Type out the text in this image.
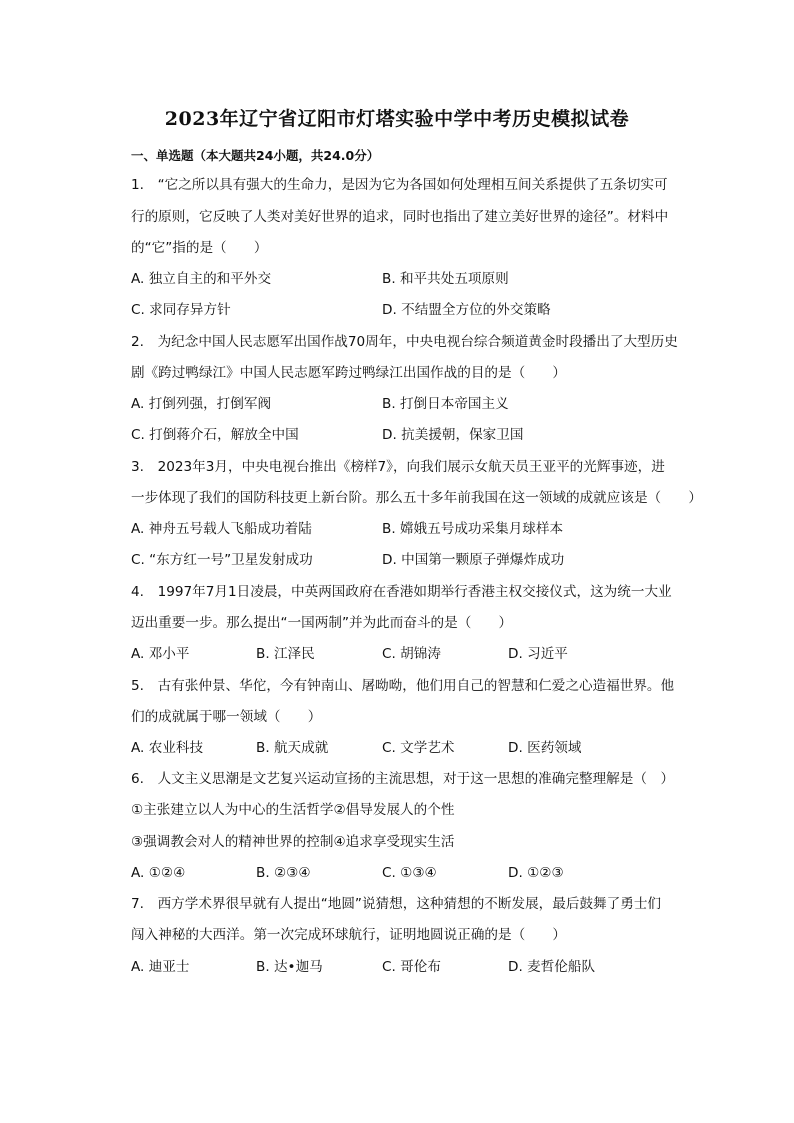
2023年辽宁省辽阳市灯塔实验中学中考历史模拟试卷
一、单选题（本大题共24小题，共24.0分）
1.　“它之所以具有强大的生命力，是因为它为各国如何处理相互间关系提供了五条切实可
行的原则，它反映了人类对美好世界的追求，同时也指出了建立美好世界的途径”。材料中
的“它”指的是（　　）
A. 独立自主的和平外交	B. 和平共处五项原则
C. 求同存异方针	D. 不结盟全方位的外交策略
2.　为纪念中国人民志愿军出国作战70周年，中央电视台综合频道黄金时段播出了大型历史
剧《跨过鸭绿江》中国人民志愿军跨过鸭绿江出国作战的目的是（　　）
A. 打倒列强，打倒军阀	B. 打倒日本帝国主义
C. 打倒蒋介石，解放全中国	D. 抗美援朝，保家卫国
3.　2023年3月，中央电视台推出《榜样7》，向我们展示女航天员王亚平的光辉事迹，进
一步体现了我们的国防科技更上新台阶。那么五十多年前我国在这一领域的成就应该是（　　）
A. 神舟五号载人飞船成功着陆	B. 嫦娥五号成功采集月球样本
C. “东方红一号”卫星发射成功	D. 中国第一颗原子弹爆炸成功
4.　1997年7月1日凌晨，中英两国政府在香港如期举行香港主权交接仪式，这为统一大业
迈出重要一步。那么提出“一国两制”并为此而奋斗的是（　　）
A. 邓小平	B. 江泽民	C. 胡锦涛	D. 习近平
5.　古有张仲景、华佗，今有钟南山、屠呦呦，他们用自己的智慧和仁爱之心造福世界。他
们的成就属于哪一领域（　　）
A. 农业科技	B. 航天成就	C. 文学艺术	D. 医药领域
6.　人文主义思潮是文艺复兴运动宣扬的主流思想，对于这一思想的准确完整理解是（　）
①主张建立以人为中心的生活哲学②倡导发展人的个性
③强调教会对人的精神世界的控制④追求享受现实生活
A. ①②④	B. ②③④	C. ①③④	D. ①②③
7.　西方学术界很早就有人提出“地圆”说猜想，这种猜想的不断发展，最后鼓舞了勇士们
闯入神秘的大西洋。第一次完成环球航行，证明地圆说正确的是（　　）
A. 迪亚士	B. 达•迦马	C. 哥伦布	D. 麦哲伦船队
